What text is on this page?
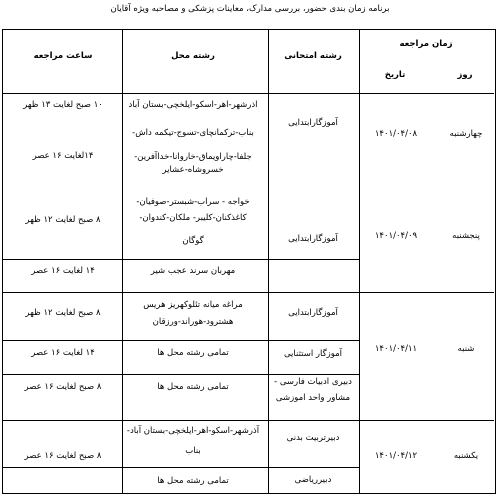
برنامه زمان بندی حضور، بررسی مدارک، معاینات پزشکی و مصاحبه ویژه آقایان
زمان مراجعه
تاریخ	روز
رشته امتحانی
رشته محل
ساعت مراجعه
چهارشنبه
۱۴۰۱/۰۴/۰۸
پنجشنبه
۱۴۰۱/۰۴/۰۹
شنبه
۱۴۰۱/۰۴/۱۱
یکشنبه
۱۴۰۱/۰۴/۱۲
آموزگارابتدایی
آموزگارابتدایی
آموزگارابتدایی
آموزگار استثنایی
دبیری ادبیات فارسی -
مشاور واحد اموزشی
دبیرتربیت بدنی
دبیرریاضی
اذرشهر-اهر-اسکو-ایلخچی-بستان آباد
بناب-ترکمانچای-تسوج-تیکمه داش-
جلفا-چاراویماق-خاروانا-خداآفرین-
خسروشاه-عشایر
خواجه - سراب-شبستر-صوفیان-
کاغذکنان-کلیبر- ملکان-کندوان-
گوگان
مهربان سرند عجب شیر
مراغه میانه تئلوکهریز هریس
هشترود-هوراند-ورزقان
تمامی رشته محل ها
تمامی رشته محل ها
آذرشهر-اسکو-اهر-ایلخچی-بستان آباد-
بناب
تمامی رشته محل ها
۱۰ صبح لغایت ۱۳ ظهر
۱۴لغایت ۱۶ عصر
۸ صبح لغایت ۱۲ ظهر
۱۴ لغایت ۱۶ عصر
۸ صبح لغایت ۱۲ ظهر
۱۴ لغایت ۱۶ عصر
۸ صبح لغایت ۱۶ عصر
۸ صبح لغایت ۱۶ عصر
